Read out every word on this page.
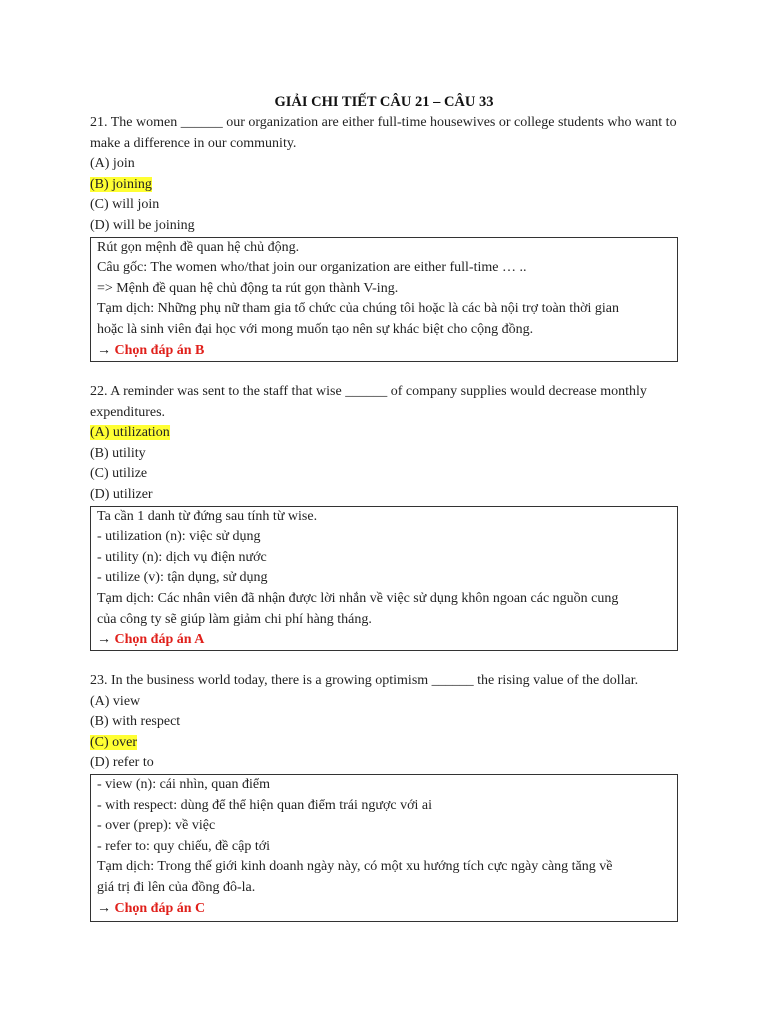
GIẢI CHI TIẾT CÂU 21 – CÂU 33
21. The women ______ our organization are either full-time housewives or college students who want to make a difference in our community.
(A) join
(B) joining
(C) will join
(D) will be joining
Rút gọn mệnh đề quan hệ chủ động.
Câu gốc: The women who/that join our organization are either full-time … ..
=> Mệnh đề quan hệ chủ động ta rút gọn thành V-ing.
Tạm dịch: Những phụ nữ tham gia tổ chức của chúng tôi hoặc là các bà nội trợ toàn thời gian
hoặc là sinh viên đại học với mong muốn tạo nên sự khác biệt cho cộng đồng.
→ Chọn đáp án B
22. A reminder was sent to the staff that wise ______ of company supplies would decrease monthly expenditures.
(A) utilization
(B) utility
(C) utilize
(D) utilizer
Ta cần 1 danh từ đứng sau tính từ wise.
- utilization (n): việc sử dụng
- utility (n): dịch vụ điện nước
- utilize (v): tận dụng, sử dụng
Tạm dịch: Các nhân viên đã nhận được lời nhắn về việc sử dụng khôn ngoan các nguồn cung
của công ty sẽ giúp làm giảm chi phí hàng tháng.
→ Chọn đáp án A
23. In the business world today, there is a growing optimism ______ the rising value of the dollar.
(A) view
(B) with respect
(C) over
(D) refer to
- view (n): cái nhìn, quan điểm
- with respect: dùng để thể hiện quan điểm trái ngược với ai
- over (prep): về việc
- refer to: quy chiếu, đề cập tới
Tạm dịch: Trong thế giới kinh doanh ngày này, có một xu hướng tích cực ngày càng tăng về
giá trị đi lên của đồng đô-la.
→ Chọn đáp án C
